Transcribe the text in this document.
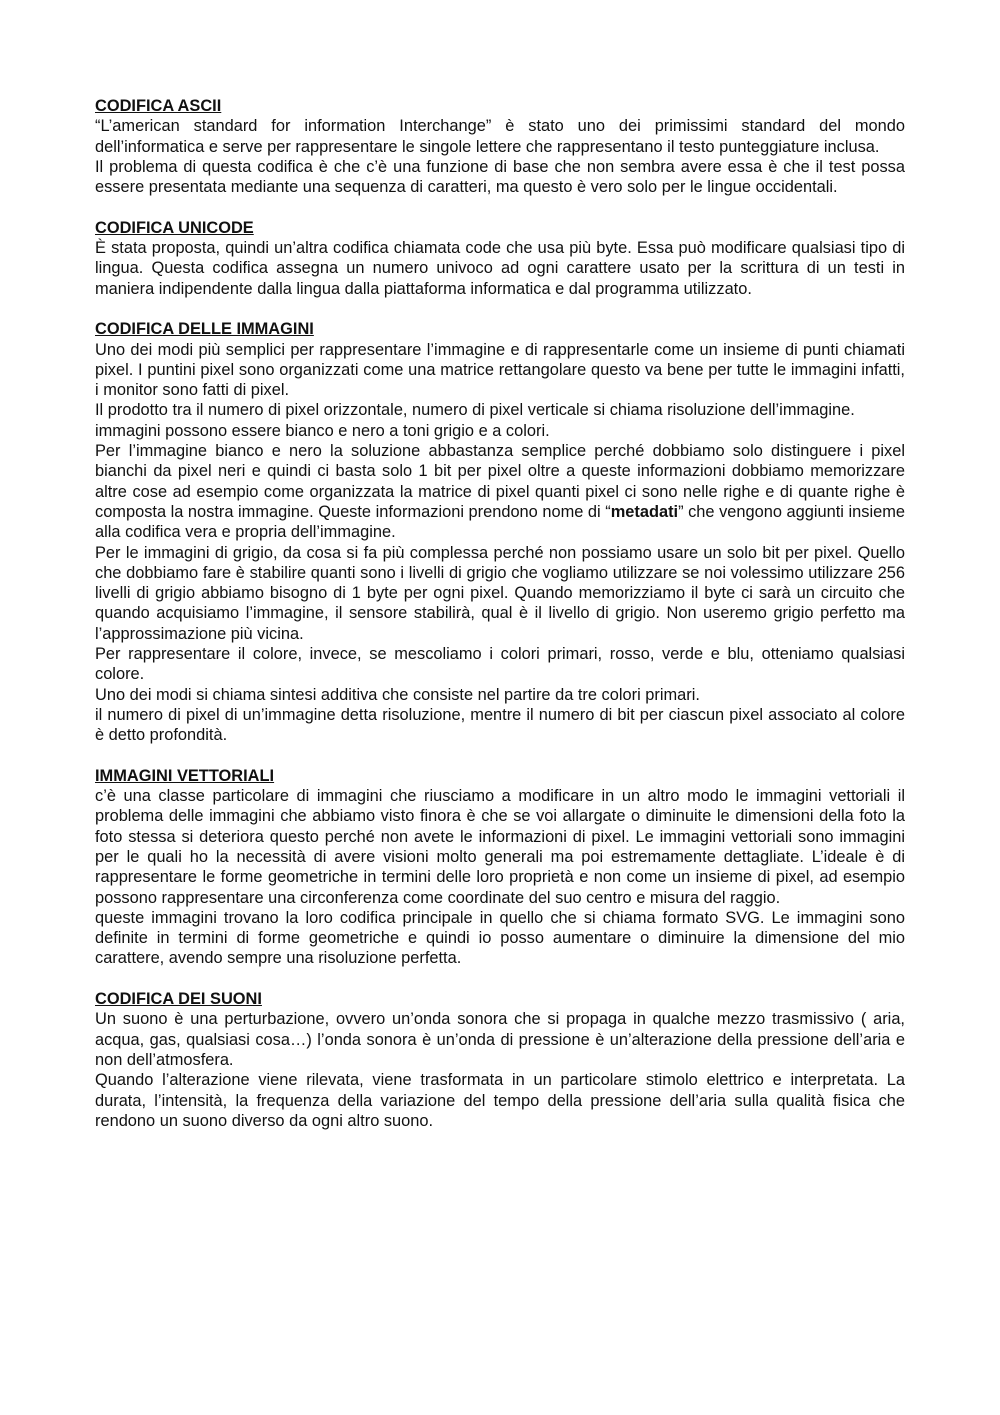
CODIFICA ASCII

“L’american standard for information Interchange” è stato uno dei primissimi standard del mondo dell’informatica e serve per rappresentare le singole lettere che rappresentano il testo punteggiature inclusa.

Il problema di questa codifica è che c’è una funzione di base che non sembra avere essa è che il test possa essere presentata mediante una sequenza di caratteri, ma questo è vero solo per le lingue occidentali.

CODIFICA UNICODE

È stata proposta, quindi un’altra codifica chiamata code che usa più byte. Essa può modificare qualsiasi tipo di lingua. Questa codifica assegna un numero univoco ad ogni carattere usato per la scrittura di un testi in maniera indipendente dalla lingua dalla piattaforma informatica e dal programma utilizzato.

CODIFICA DELLE IMMAGINI

Uno dei modi più semplici per rappresentare l’immagine e di rappresentarle come un insieme di punti chiamati pixel. I puntini pixel sono organizzati come una matrice rettangolare questo va bene per tutte le immagini infatti, i monitor sono fatti di pixel.

Il prodotto tra il numero di pixel orizzontale, numero di pixel verticale si chiama risoluzione dell’immagine.

immagini possono essere bianco e nero a toni grigio e a colori.

Per l’immagine bianco e nero la soluzione abbastanza semplice perché dobbiamo solo distinguere i pixel bianchi da pixel neri e quindi ci basta solo 1 bit per pixel oltre a queste informazioni dobbiamo memorizzare altre cose ad esempio come organizzata la matrice di pixel quanti pixel ci sono nelle righe e di quante righe è composta la nostra immagine. Queste informazioni prendono nome di “metadati” che vengono aggiunti insieme alla codifica vera e propria dell’immagine.

Per le immagini di grigio, da cosa si fa più complessa perché non possiamo usare un solo bit per pixel. Quello che dobbiamo fare è stabilire quanti sono i livelli di grigio che vogliamo utilizzare se noi volessimo utilizzare 256 livelli di grigio abbiamo bisogno di 1 byte per ogni pixel. Quando memorizziamo il byte ci sarà un circuito che quando acquisiamo l’immagine, il sensore stabilirà, qual è il livello di grigio. Non useremo grigio perfetto ma l’approssimazione più vicina.

Per rappresentare il colore, invece, se mescoliamo i colori primari, rosso, verde e blu, otteniamo qualsiasi colore.

Uno dei modi si chiama sintesi additiva che consiste nel partire da tre colori primari.

il numero di pixel di un’immagine detta risoluzione, mentre il numero di bit per ciascun pixel associato al colore è detto profondità.

IMMAGINI VETTORIALI

c’è una classe particolare di immagini che riusciamo a modificare in un altro modo le immagini vettoriali il problema delle immagini che abbiamo visto finora è che se voi allargate o diminuite le dimensioni della foto la foto stessa si deteriora questo perché non avete le informazioni di pixel. Le immagini vettoriali sono immagini per le quali ho la necessità di avere visioni molto generali ma poi estremamente dettagliate. L’ideale è di rappresentare le forme geometriche in termini delle loro proprietà e non come un insieme di pixel, ad esempio possono rappresentare una circonferenza come coordinate del suo centro e misura del raggio.

queste immagini trovano la loro codifica principale in quello che si chiama formato SVG. Le immagini sono definite in termini di forme geometriche e quindi io posso aumentare o diminuire la dimensione del mio carattere, avendo sempre una risoluzione perfetta.

CODIFICA DEI SUONI

Un suono è una perturbazione, ovvero un’onda sonora che si propaga in qualche mezzo trasmissivo ( aria, acqua, gas, qualsiasi cosa…) l’onda sonora è un’onda di pressione è un’alterazione della pressione dell’aria e non dell’atmosfera.

Quando l’alterazione viene rilevata, viene trasformata in un particolare stimolo elettrico e interpretata. La durata, l’intensità, la frequenza della variazione del tempo della pressione dell’aria sulla qualità fisica che rendono un suono diverso da ogni altro suono.
